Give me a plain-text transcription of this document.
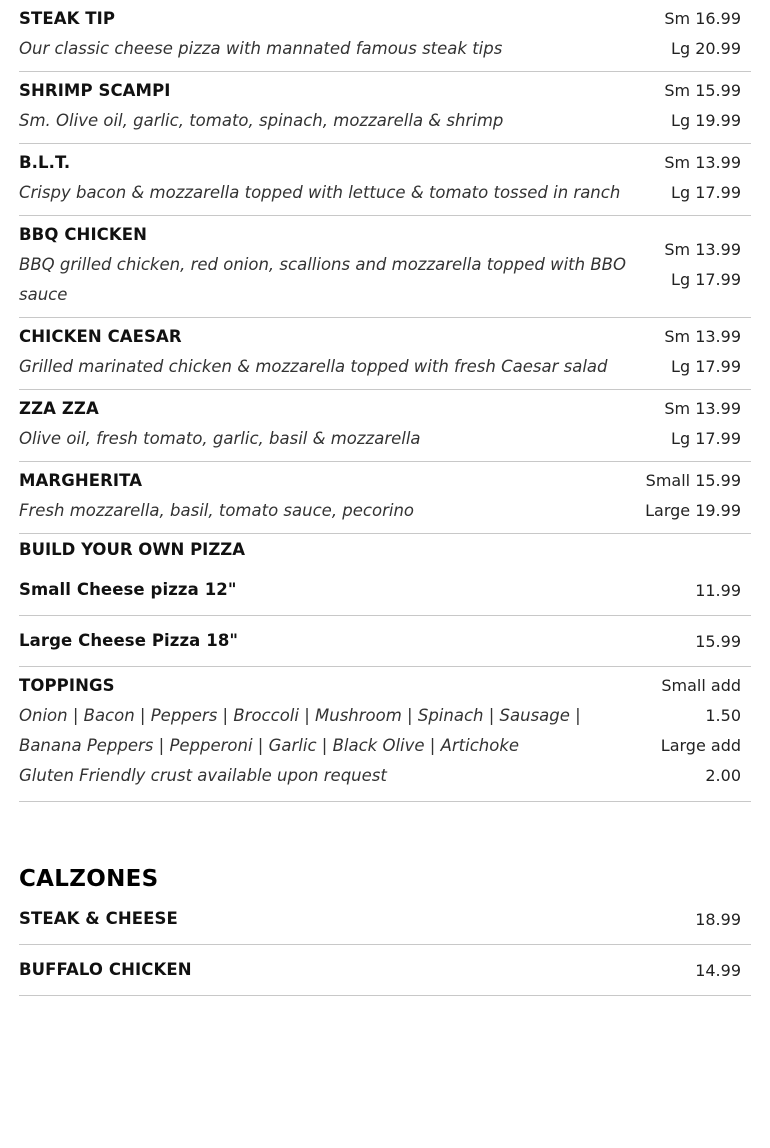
STEAK TIP
Our classic cheese pizza with mannated famous steak tips
Sm 16.99
Lg 20.99
SHRIMP SCAMPI
Sm. Olive oil, garlic, tomato, spinach, mozzarella & shrimp
Sm 15.99
Lg 19.99
B.L.T.
Crispy bacon & mozzarella topped with lettuce & tomato tossed in ranch
Sm 13.99
Lg 17.99
BBQ CHICKEN
BBQ grilled chicken, red onion, scallions and mozzarella topped with BBO sauce
Sm 13.99
Lg 17.99
CHICKEN CAESAR
Grilled marinated chicken & mozzarella topped with fresh Caesar salad
Sm 13.99
Lg 17.99
ZZA ZZA
Olive oil, fresh tomato, garlic, basil & mozzarella
Sm 13.99
Lg 17.99
MARGHERITA
Fresh mozzarella, basil, tomato sauce, pecorino
Small 15.99
Large 19.99
BUILD YOUR OWN PIZZA
Small Cheese pizza 12"	11.99
Large Cheese Pizza 18"	15.99
TOPPINGS
Onion | Bacon | Peppers | Broccoli | Mushroom | Spinach | Sausage |
Banana Peppers | Pepperoni | Garlic | Black Olive | Artichoke
Gluten Friendly crust available upon request
Small add
1.50
Large add
2.00
CALZONES
STEAK & CHEESE	18.99
BUFFALO CHICKEN	14.99
